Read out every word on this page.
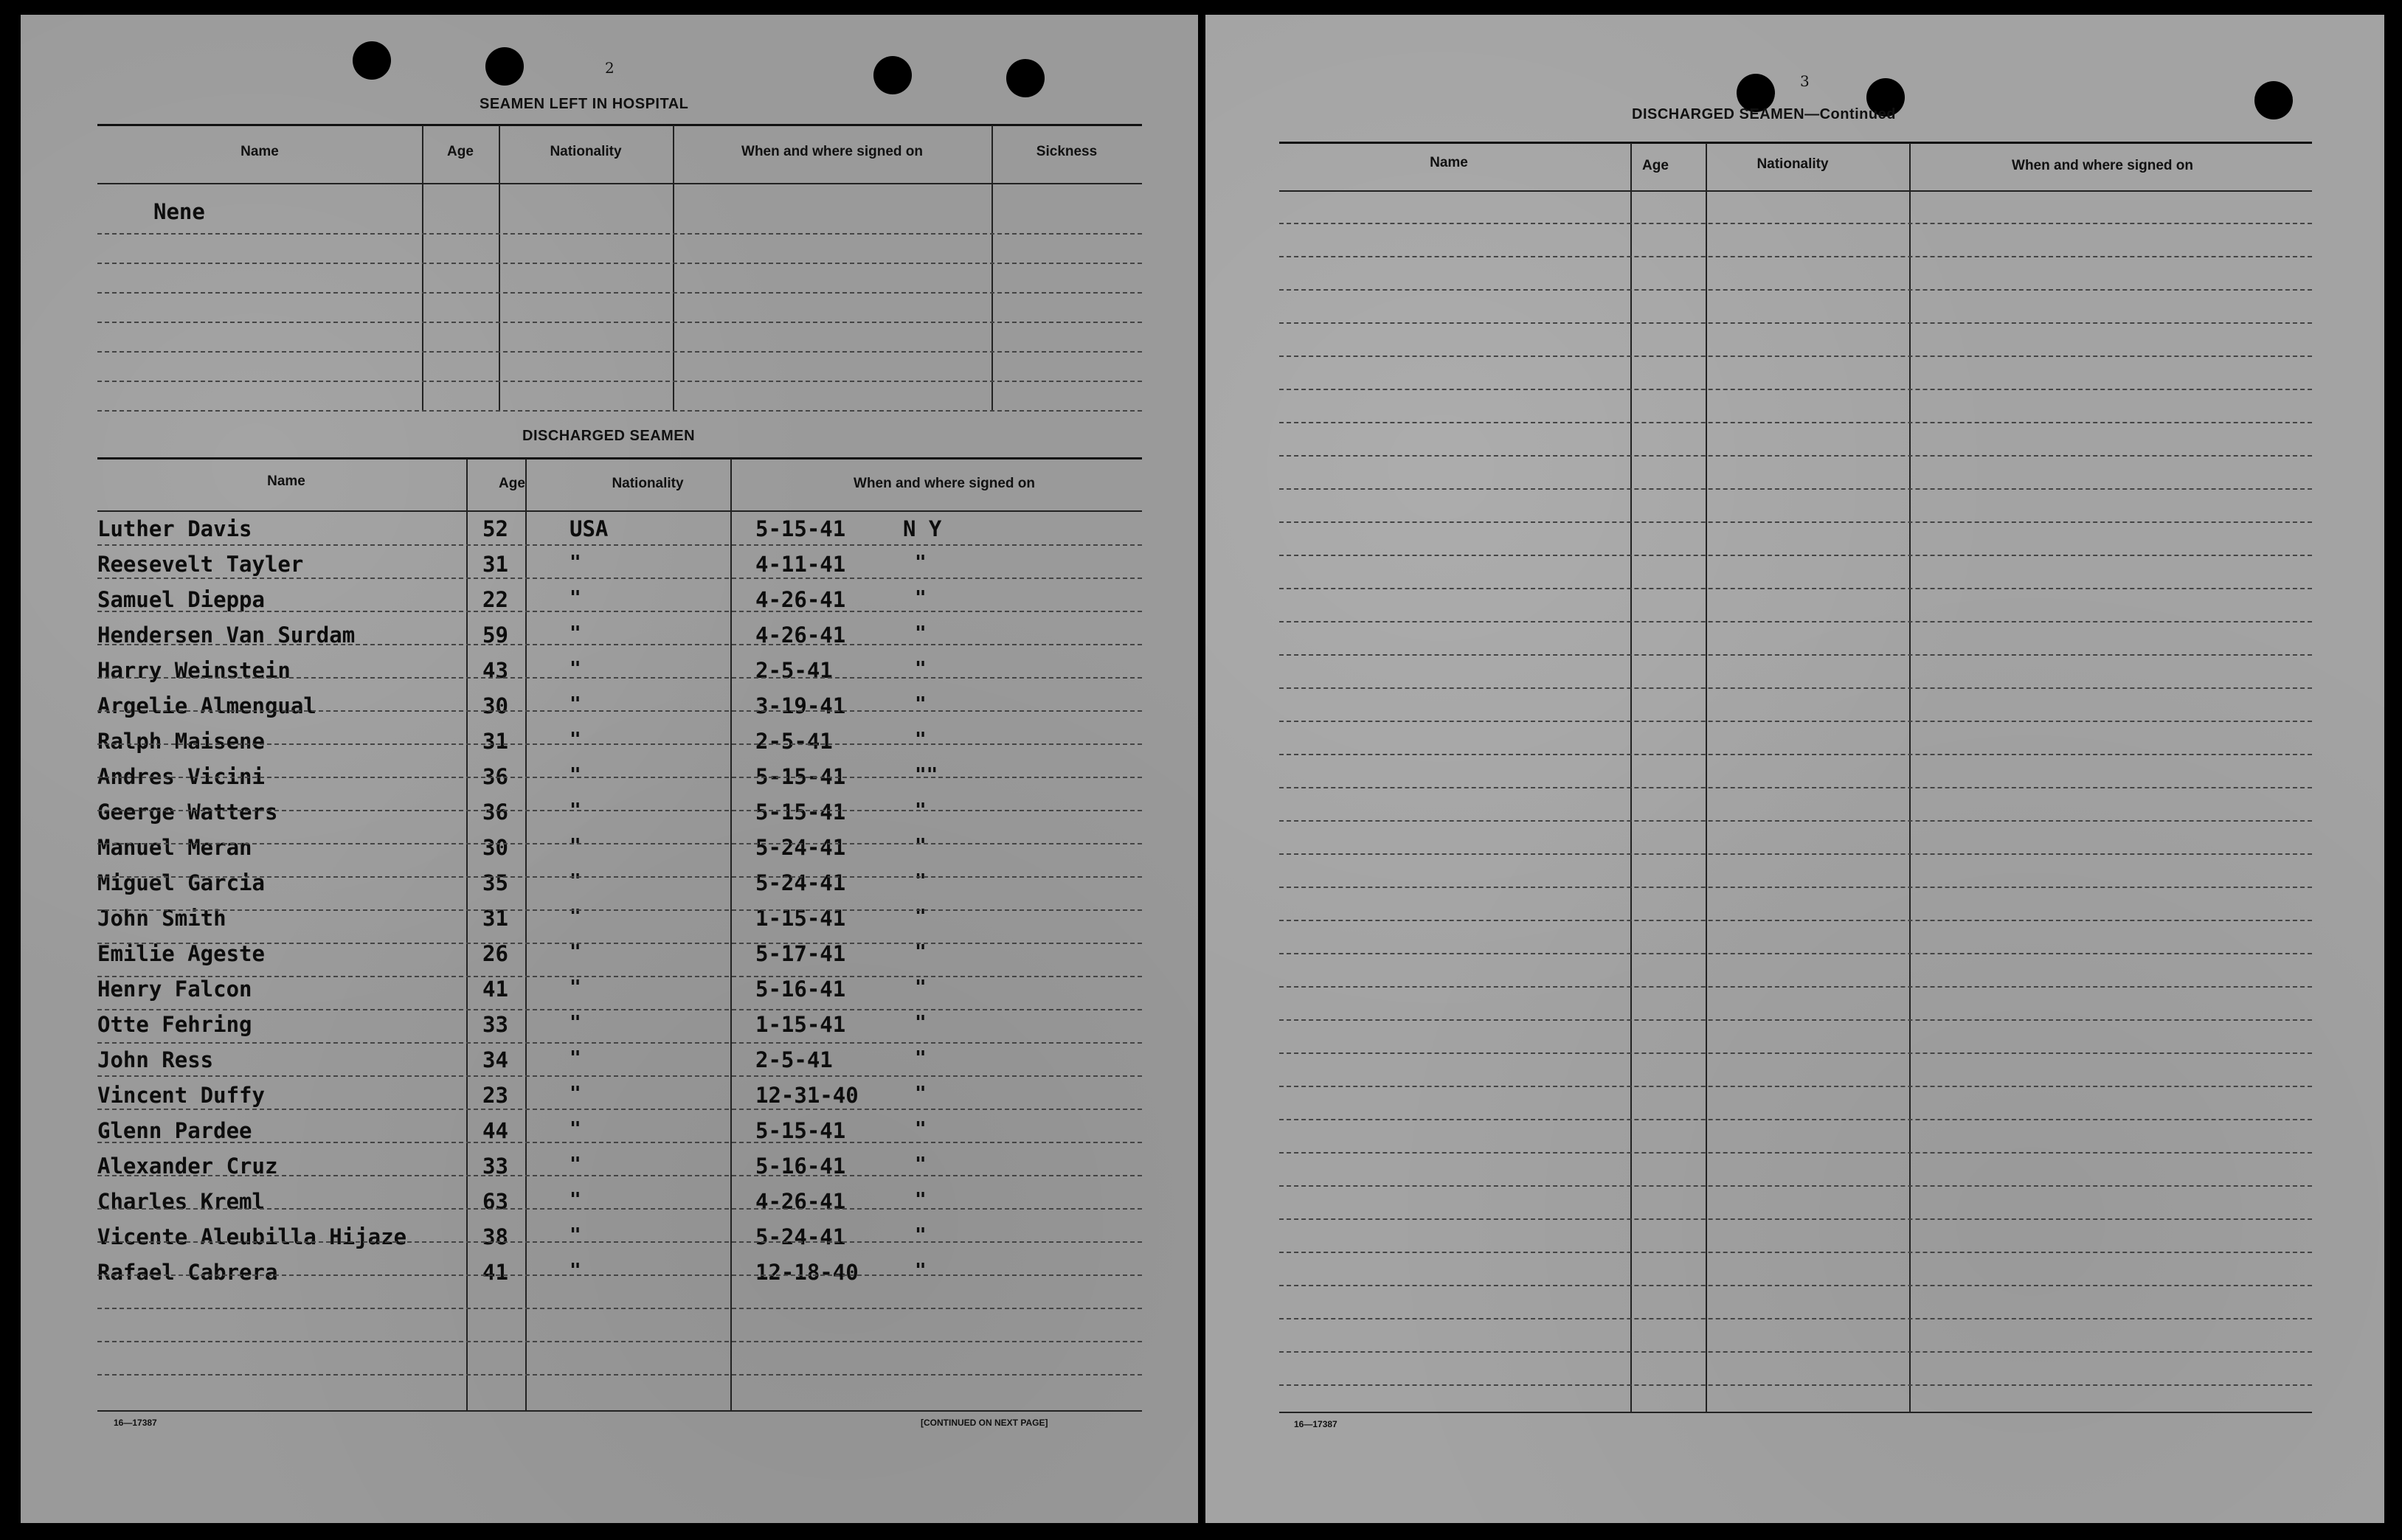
2
SEAMEN LEFT IN HOSPITAL
Name	Age	Nationality	When and where signed on	Sickness
Nene
DISCHARGED SEAMEN
Name	Age	Nationality	When and where signed on
Luther Davis	52	USA	5-15-41	N Y
Reesevelt Tayler	31	"	4-11-41	"
Samuel Dieppa	22	"	4-26-41	"
Hendersen Van Surdam	59	"	4-26-41	"
Harry Weinstein	43	"	2-5-41	"
Argelie Almengual	30	"	3-19-41	"
Ralph Maisene	31	"	2-5-41	"
Andres Vicini	36	"	5-15-41	""
Geerge Watters	36	"	5-15-41	"
Manuel Meran	30	"	5-24-41	"
Miguel Garcia	35	"	5-24-41	"
John Smith	31	"	1-15-41	"
Emilie Ageste	26	"	5-17-41	"
Henry Falcon	41	"	5-16-41	"
Otte Fehring	33	"	1-15-41	"
John Ress	34	"	2-5-41	"
Vincent Duffy	23	"	12-31-40	"
Glenn Pardee	44	"	5-15-41	"
Alexander Cruz	33	"	5-16-41	"
Charles Kreml	63	"	4-26-41	"
Vicente Aleubilla Hijaze	38	"	5-24-41	"
Rafael Cabrera	41	"	12-18-40	"
16—17387	[CONTINUED ON NEXT PAGE]
3
DISCHARGED SEAMEN—Continued
Name	Age	Nationality	When and where signed on
16—17387
